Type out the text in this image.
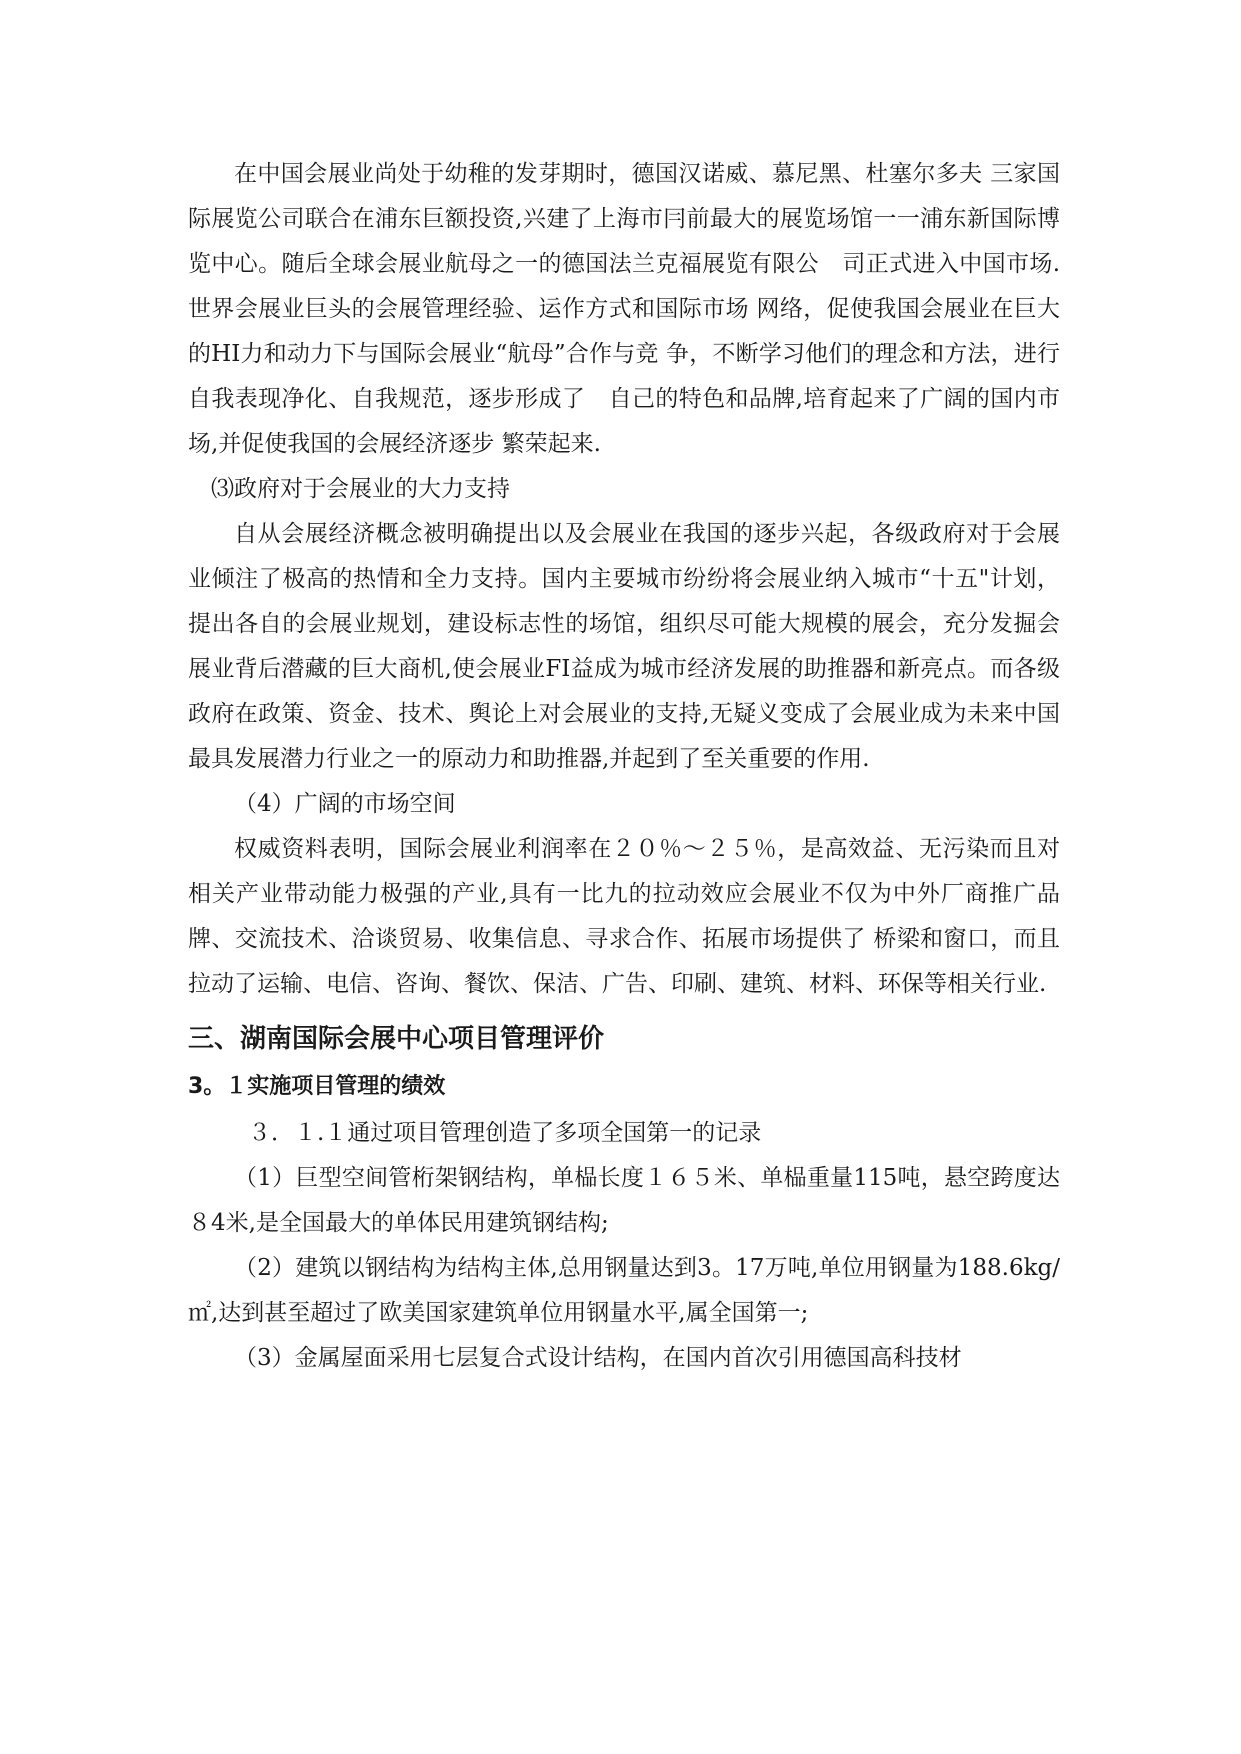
在中国会展业尚处于幼稚的发芽期时，德国汉诺威、慕尼黑、杜塞尔多夫 三家国际展览公司联合在浦东巨额投资,兴建了上海市冃前最大的展览场馆一一浦东新国际博览中心。随后全球会展业航母之一的德国法兰克福展览有限公　司正式进入中国市场.世界会展业巨头的会展管理经验、运作方式和国际市场 网络，促使我国会展业在巨大的HI力和动力下与国际会展业“航母”合作与竞 争，不断学习他们的理念和方法，进行自我表现净化、自我规范，逐步形成了　自己的特色和品牌,培育起来了广阔的国内市场,并促使我国的会展经济逐步 繁荣起来.

⑶政府对于会展业的大力支持

自从会展经济概念被明确提出以及会展业在我国的逐步兴起，各级政府对于会展业倾注了极高的热情和全力支持。国内主要城市纷纷将会展业纳入城市“十五"计划，提出各自的会展业规划，建设标志性的场馆，组织尽可能大规模的展会，充分发掘会展业背后潜藏的巨大商机,使会展业FI益成为城市经济发展的助推器和新亮点。而各级政府在政策、资金、技术、舆论上对会展业的支持,无疑义变成了会展业成为未来中国最具发展潜力行业之一的原动力和助推器,并起到了至关重要的作用.

（4）广阔的市场空间

权威资料表明，国际会展业利润率在２０％～２５％，是高效益、无污染而且对相关产业带动能力极强的产业,具有一比九的拉动效应会展业不仅为中外厂商推广品牌、交流技术、洽谈贸易、收集信息、寻求合作、拓展市场提供了 桥梁和窗口，而且拉动了运输、电信、咨询、餐饮、保洁、广告、印刷、建筑、材料、环保等相关行业.

三、湖南国际会展中心项目管理评价
3。１实施项目管理的绩效

３．１.１通过项目管理创造了多项全国第一的记录

（1）巨型空间管桁架钢结构，单榀长度１６５米、单榀重量115吨，悬空跨度达８4米,是全国最大的单体民用建筑钢结构;

（2）建筑以钢结构为结构主体,总用钢量达到3。17万吨,单位用钢量为188.6kg/㎡,达到甚至超过了欧美国家建筑单位用钢量水平,属全国第一;

（3）金属屋面采用七层复合式设计结构，在国内首次引用德国高科技材
